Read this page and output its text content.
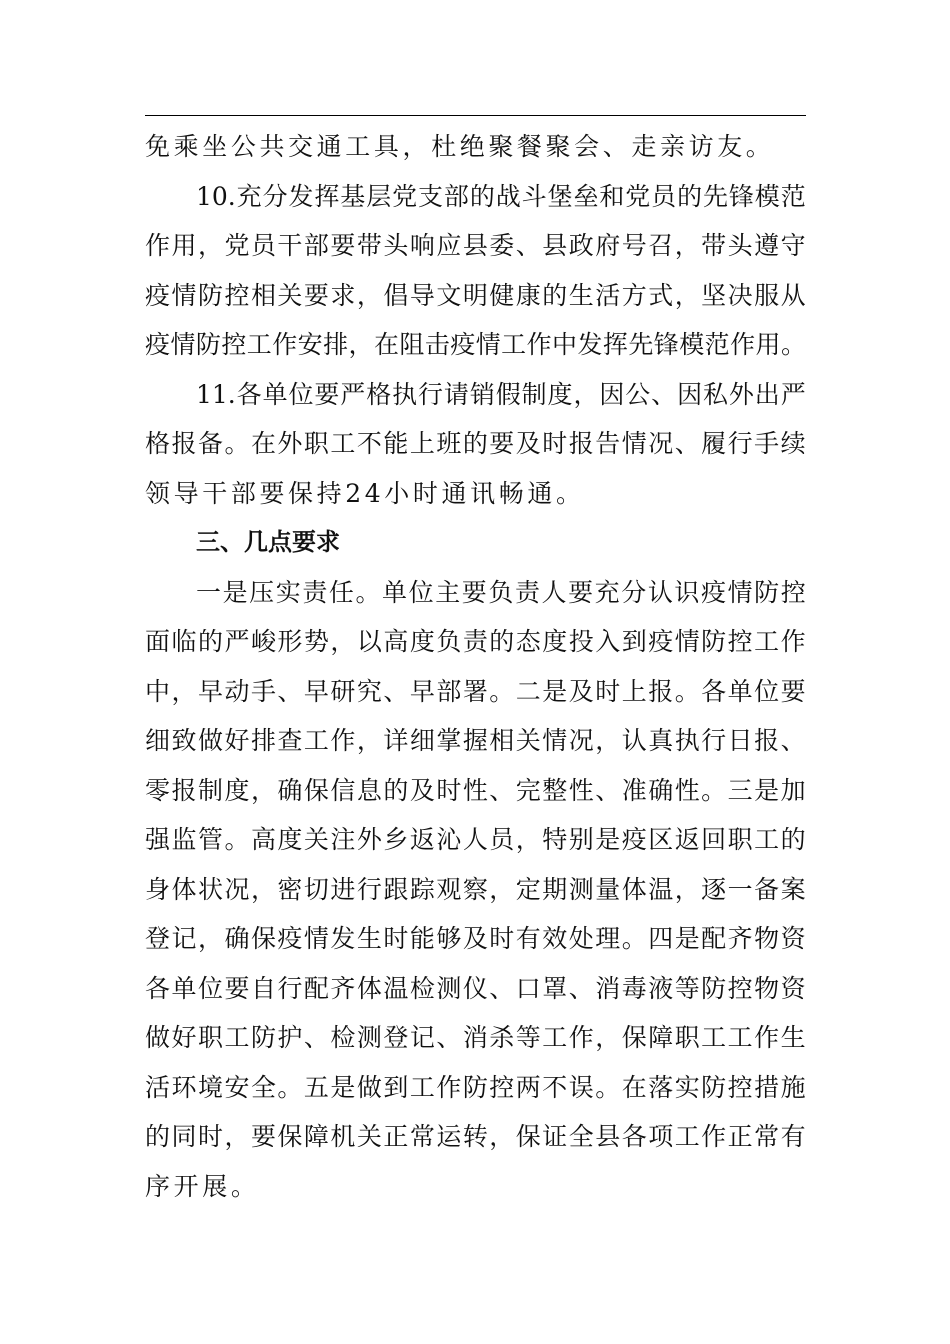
免 乘 坐 公 共 交 通 工 具 ， 杜 绝 聚 餐 聚 会 、 走 亲 访 友 。
10. 充 分 发 挥 基 层 党 支 部 的 战 斗 堡 垒 和 党 员 的 先 锋 模 范
作 用 ， 党 员 干 部 要 带 头 响 应 县 委 、 县 政 府 号 召 ， 带 头 遵 守
疫 情 防 控 相 关 要 求 ， 倡 导 文 明 健 康 的 生 活 方 式 ， 坚 决 服 从
疫 情 防 控 工 作 安 排 ， 在 阻 击 疫 情 工 作 中 发 挥 先 锋 模 范 作 用 。
11. 各 单 位 要 严 格 执 行 请 销 假 制 度 ， 因 公 、 因 私 外 出 严
格 报 备 。 在 外 职 工 不 能 上 班 的 要 及 时 报 告 情 况 、 履 行 手 续
领 导 干 部 要 保 持 24 小 时 通 讯 畅 通 。
三 、 几 点 要 求
一 是 压 实 责 任 。 单 位 主 要 负 责 人 要 充 分 认 识 疫 情 防 控
面 临 的 严 峻 形 势 ， 以 高 度 负 责 的 态 度 投 入 到 疫 情 防 控 工 作
中 ， 早 动 手 、 早 研 究 、 早 部 署 。 二 是 及 时 上 报 。 各 单 位 要
细 致 做 好 排 查 工 作 ， 详 细 掌 握 相 关 情 况 ， 认 真 执 行 日 报 、
零 报 制 度 ， 确 保 信 息 的 及 时 性 、 完 整 性 、 准 确 性 。 三 是 加
强 监 管 。 高 度 关 注 外 乡 返 沁 人 员 ， 特 别 是 疫 区 返 回 职 工 的
身 体 状 况 ， 密 切 进 行 跟 踪 观 察 ， 定 期 测 量 体 温 ， 逐 一 备 案
登 记 ， 确 保 疫 情 发 生 时 能 够 及 时 有 效 处 理 。 四 是 配 齐 物 资
各 单 位 要 自 行 配 齐 体 温 检 测 仪 、 口 罩 、 消 毒 液 等 防 控 物 资
做 好 职 工 防 护 、 检 测 登 记 、 消 杀 等 工 作 ， 保 障 职 工 工 作 生
活 环 境 安 全 。 五 是 做 到 工 作 防 控 两 不 误 。 在 落 实 防 控 措 施
的 同 时 ， 要 保 障 机 关 正 常 运 转 ， 保 证 全 县 各 项 工 作 正 常 有
序 开 展 。
